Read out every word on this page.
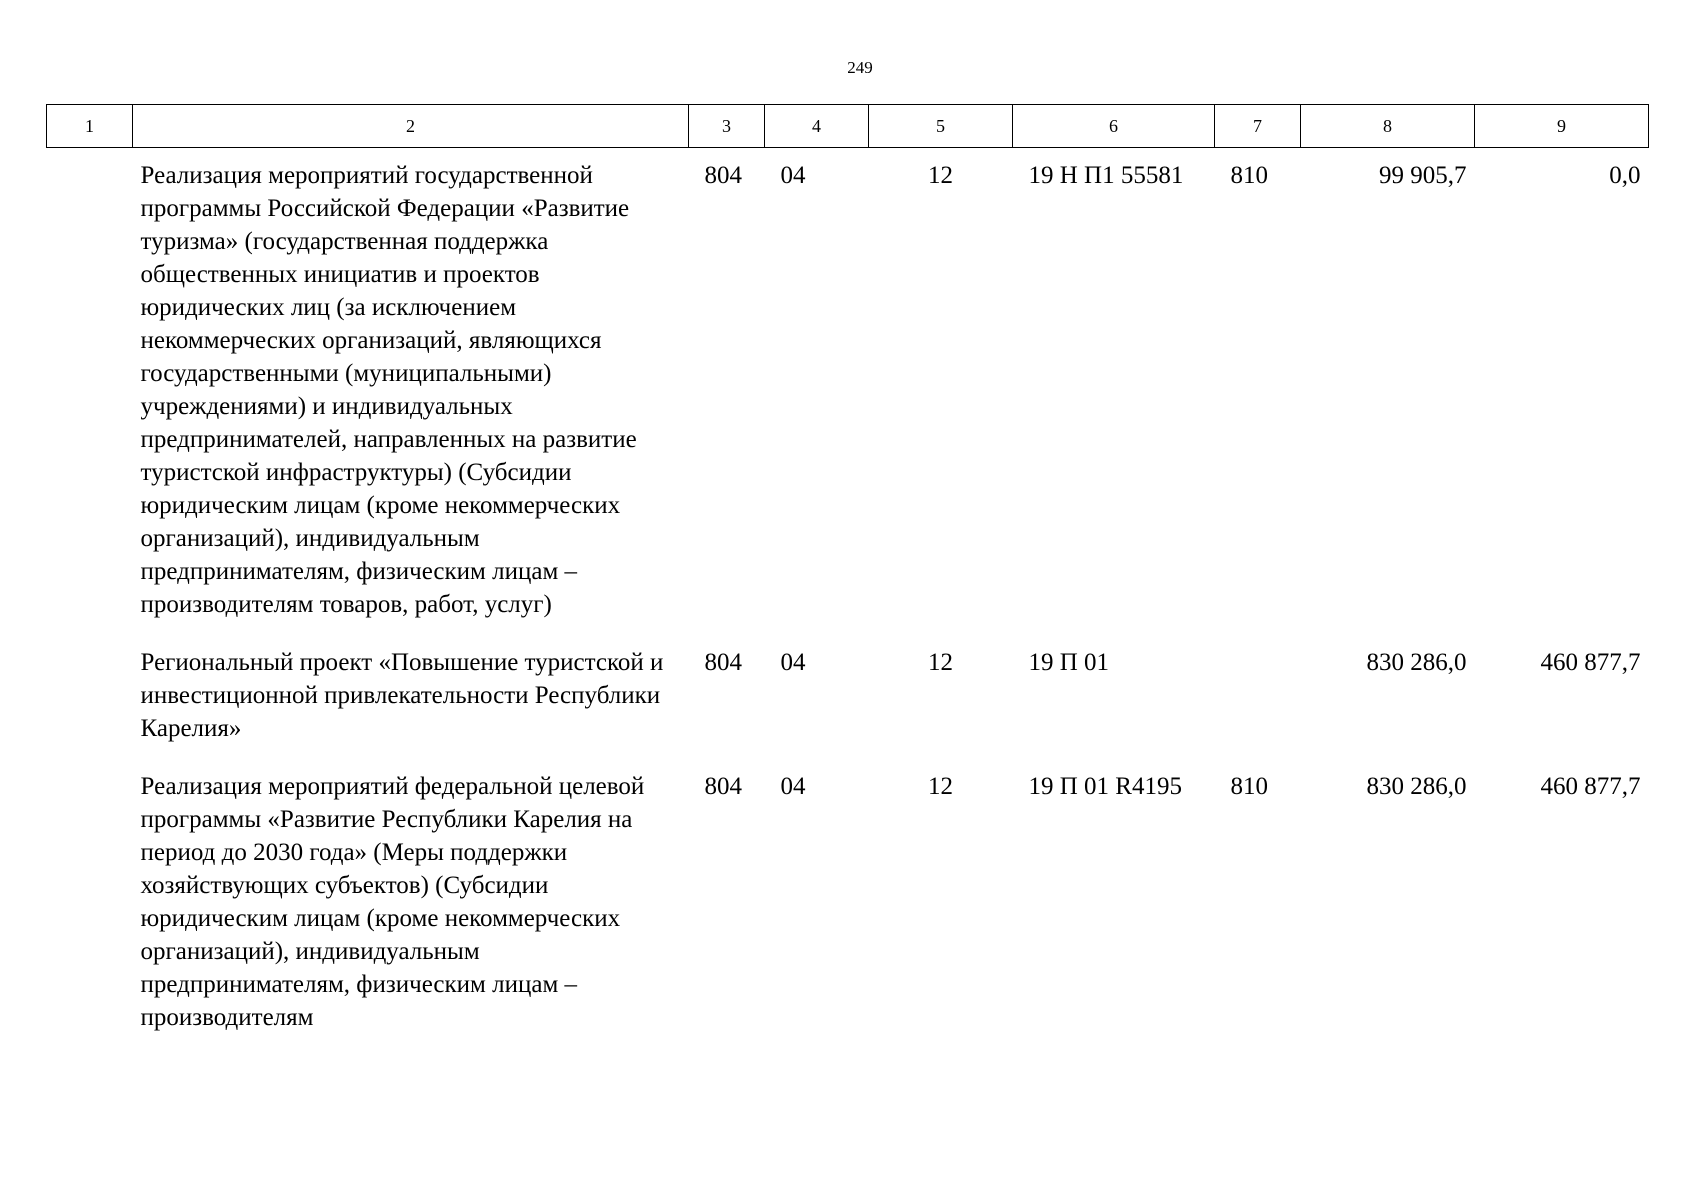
249
1	2	3	4	5	6	7	8	9
	Реализация мероприятий государственной программы Российской Федерации «Развитие туризма» (государственная поддержка общественных инициатив и проектов юридических лиц (за исключением некоммерческих организаций, являющихся государственными (муниципальными) учреждениями) и индивидуальных предпринимателей, направленных на развитие туристской инфраструктуры) (Субсидии юридическим лицам (кроме некоммерческих организаций), индивидуальным предпринимателям, физическим лицам – производителям товаров, работ, услуг)	804	04	12	19 Н П1 55581	810	99 905,7	0,0
	Региональный проект «Повышение туристской и инвестиционной привлекательности Республики Карелия»	804	04	12	19 П 01		830 286,0	460 877,7
	Реализация мероприятий федеральной целевой программы «Развитие Республики Карелия на период до 2030 года» (Меры поддержки хозяйствующих субъектов) (Субсидии юридическим лицам (кроме некоммерческих организаций), индивидуальным предпринимателям, физическим лицам – производителям	804	04	12	19 П 01 R4195	810	830 286,0	460 877,7
